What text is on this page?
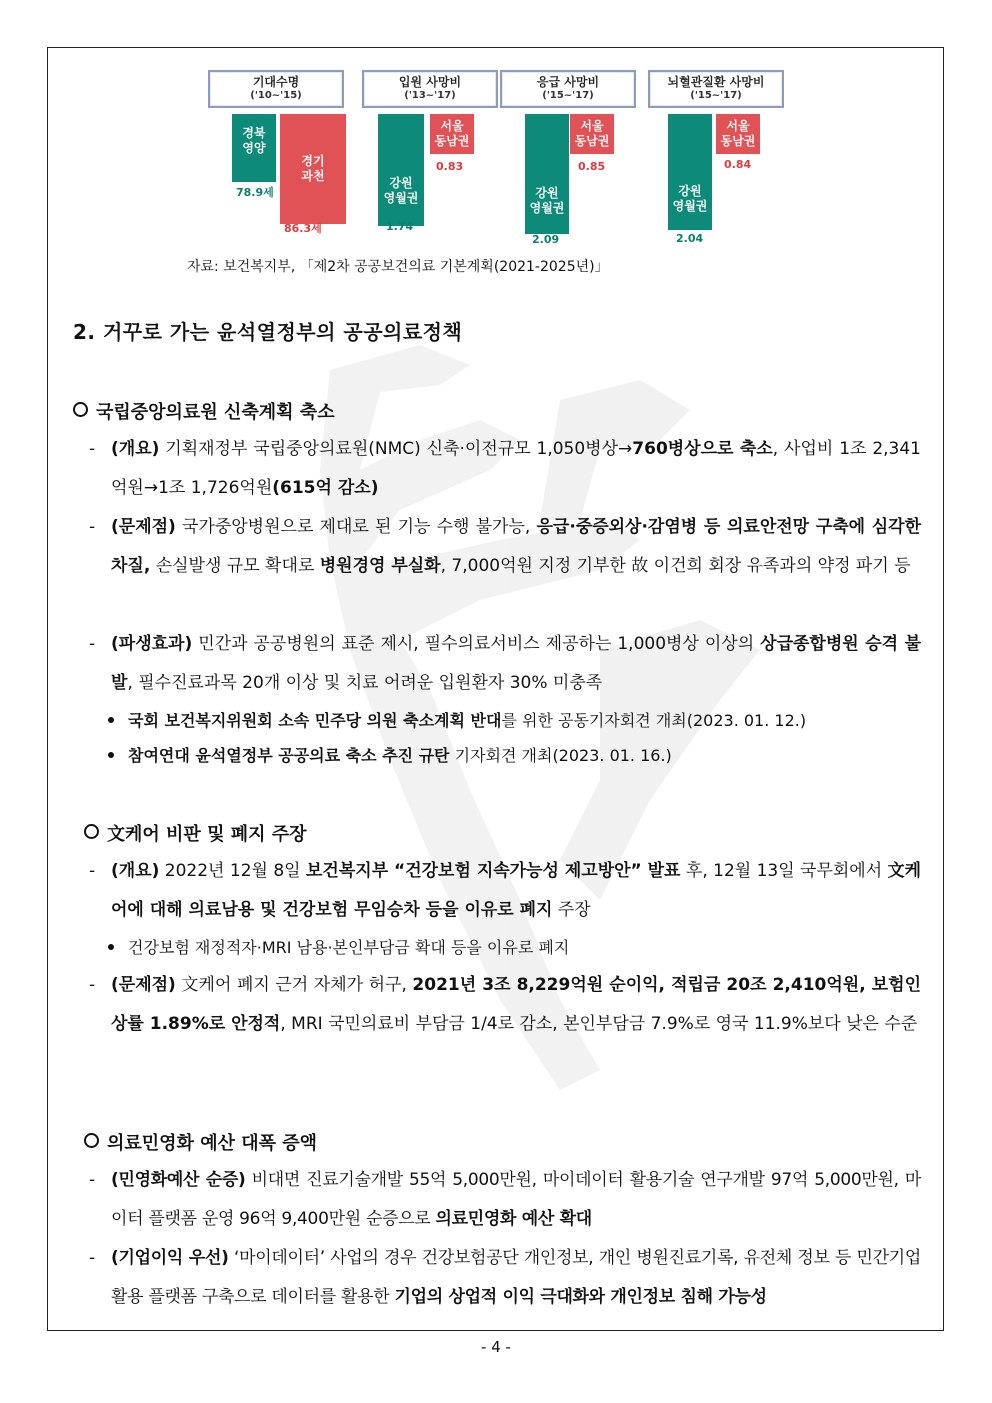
기대수명
('10~'15)
경북
영양
78.9세
경기
과천
86.3세
입원 사망비
('13~'17)
강원
영월권
1.74
서울
동남권
0.83
응급 사망비
('15~'17)
강원
영월권
2.09
서울
동남권
0.85
뇌혈관질환 사망비
('15~'17)
강원
영월권
2.04
서울
동남권
0.84
자료: 보건복지부, 「제2차 공공보건의료 기본계획(2021-2025년)」
2. 거꾸로 가는 윤석열정부의 공공의료정책
국립중앙의료원 신축계획 축소
- (개요) 기획재정부 국립중앙의료원(NMC) 신축·이전규모 1,050병상→760병상으로 축소, 사업비 1조 2,341억원→1조 1,726억원(615억 감소)
- (문제점) 국가중앙병원으로 제대로 된 기능 수행 불가능, 응급·중증외상·감염병 등 의료안전망 구축에 심각한 차질, 손실발생 규모 확대로 병원경영 부실화, 7,000억원 지정 기부한 故 이건희 회장 유족과의 약정 파기 등
- (파생효과) 민간과 공공병원의 표준 제시, 필수의료서비스 제공하는 1,000병상 이상의 상급종합병원 승격 불발, 필수진료과목 20개 이상 및 치료 어려운 입원환자 30% 미충족
국회 보건복지위원회 소속 민주당 의원 축소계획 반대를 위한 공동기자회견 개최(2023. 01. 12.)
참여연대 윤석열정부 공공의료 축소 추진 규탄 기자회견 개최(2023. 01. 16.)
文케어 비판 및 폐지 주장
- (개요) 2022년 12월 8일 보건복지부 “건강보험 지속가능성 제고방안” 발표 후, 12월 13일 국무회에서 文케어에 대해 의료남용 및 건강보험 무임승차 등을 이유로 폐지 주장
건강보험 재정적자·MRI 남용·본인부담금 확대 등을 이유로 폐지
- (문제점) 文케어 폐지 근거 자체가 허구, 2021년 3조 8,229억원 순이익, 적립금 20조 2,410억원, 보험인상률 1.89%로 안정적, MRI 국민의료비 부담금 1/4로 감소, 본인부담금 7.9%로 영국 11.9%보다 낮은 수준
의료민영화 예산 대폭 증액
- (민영화예산 순증) 비대면 진료기술개발 55억 5,000만원, 마이데이터 활용기술 연구개발 97억 5,000만원, 마이터 플랫폼 운영 96억 9,400만원 순증으로 의료민영화 예산 확대
- (기업이익 우선) ‘마이데이터’ 사업의 경우 건강보험공단 개인정보, 개인 병원진료기록, 유전체 정보 등 민간기업 활용 플랫폼 구축으로 데이터를 활용한 기업의 상업적 이익 극대화와 개인정보 침해 가능성
- 4 -
